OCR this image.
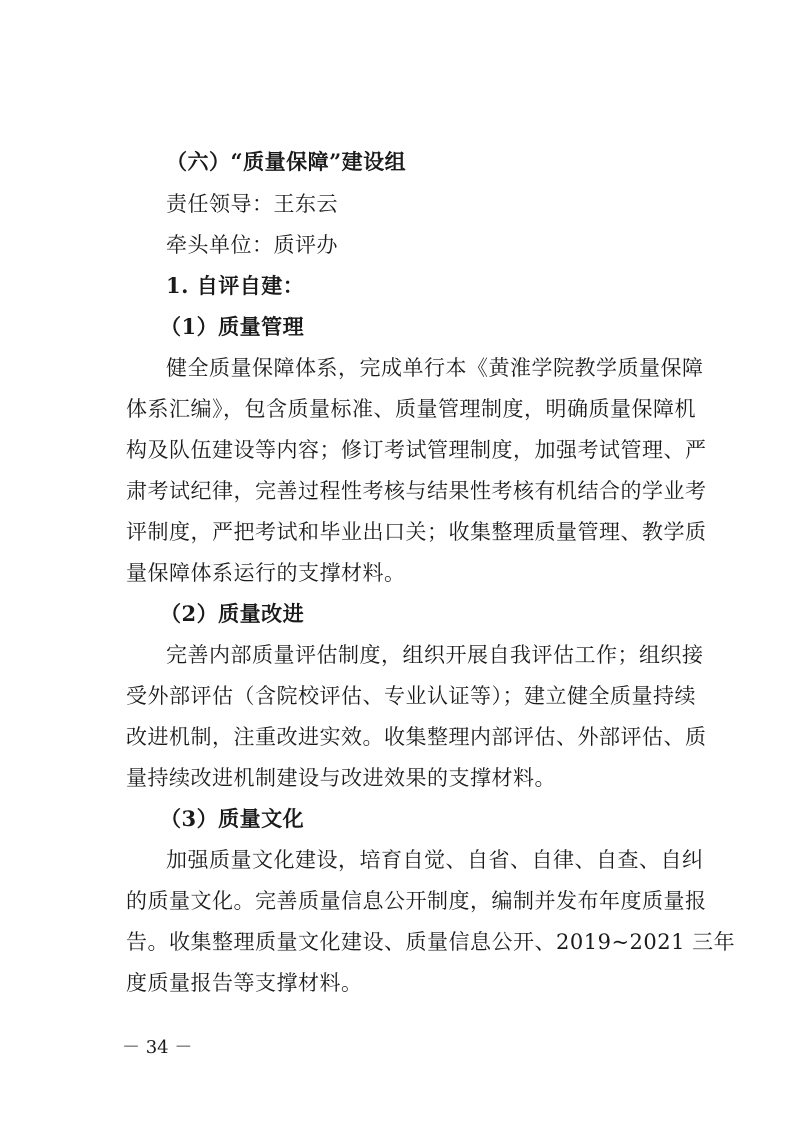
（六）“质量保障”建设组
责任领导：王东云
牵头单位：质评办
1. 自评自建：
（1）质量管理
健全质量保障体系，完成单行本《黄淮学院教学质量保障
体系汇编》，包含质量标准、质量管理制度，明确质量保障机
构及队伍建设等内容；修订考试管理制度，加强考试管理、严
肃考试纪律，完善过程性考核与结果性考核有机结合的学业考
评制度，严把考试和毕业出口关；收集整理质量管理、教学质
量保障体系运行的支撑材料。
（2）质量改进
完善内部质量评估制度，组织开展自我评估工作；组织接
受外部评估（含院校评估、专业认证等）；建立健全质量持续
改进机制，注重改进实效。收集整理内部评估、外部评估、质
量持续改进机制建设与改进效果的支撑材料。
（3）质量文化
加强质量文化建设，培育自觉、自省、自律、自查、自纠
的质量文化。完善质量信息公开制度，编制并发布年度质量报
告。收集整理质量文化建设、质量信息公开、2019~2021 三年
度质量报告等支撑材料。
－ 34 －
